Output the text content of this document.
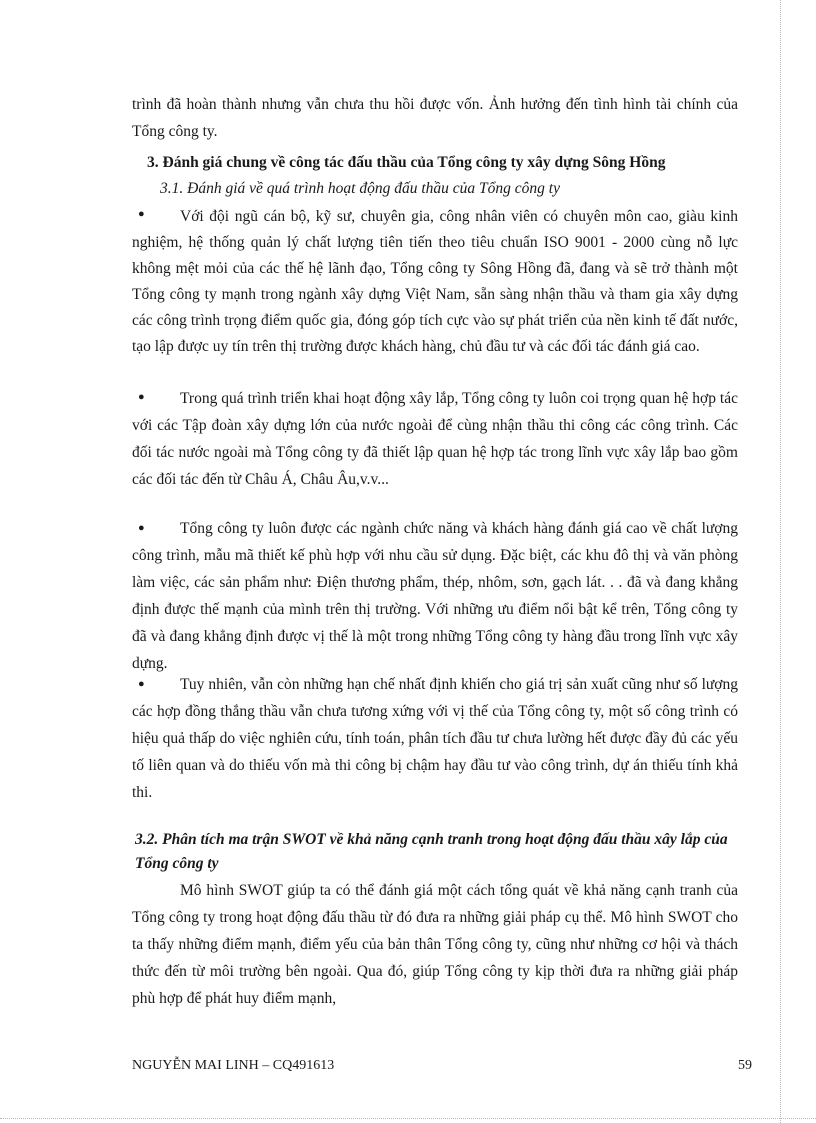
trình đã hoàn thành nhưng vẫn chưa thu hồi được vốn. Ảnh hưởng đến tình hình tài chính của Tổng công ty.
3. Đánh giá chung về công tác đấu thầu của Tổng công ty xây dựng Sông Hồng
3.1. Đánh giá về quá trình hoạt động đấu thầu của Tổng công ty
●	Với đội ngũ cán bộ, kỹ sư, chuyên gia, công nhân viên có chuyên môn cao, giàu kinh nghiệm, hệ thống quản lý chất lượng tiên tiến theo tiêu chuẩn ISO 9001 - 2000 cùng nỗ lực không mệt mỏi của các thế hệ lãnh đạo, Tổng công ty Sông Hồng đã, đang và sẽ trở thành một Tổng công ty mạnh trong ngành xây dựng Việt Nam, sẵn sàng nhận thầu và tham gia xây dựng các công trình trọng điểm quốc gia, đóng góp tích cực vào sự phát triển của nền kinh tế đất nước, tạo lập được uy tín trên thị trường được khách hàng, chủ đầu tư và các đối tác đánh giá cao.
●	Trong quá trình triển khai hoạt động xây lắp, Tổng công ty luôn coi trọng quan hệ hợp tác với các Tập đoàn xây dựng lớn của nước ngoài để cùng nhận thầu thi công các công trình. Các đối tác nước ngoài mà Tổng công ty đã thiết lập quan hệ hợp tác trong lĩnh vực xây lắp bao gồm các đối tác đến từ Châu Á, Châu Âu,v.v...
●	Tổng công ty luôn được các ngành chức năng và khách hàng đánh giá cao về chất lượng công trình, mẫu mã thiết kế phù hợp với nhu cầu sử dụng. Đặc biệt, các khu đô thị và văn phòng làm việc, các sản phẩm như: Điện thương phẩm, thép, nhôm, sơn, gạch lát. . . đã và đang khẳng định được thế mạnh của mình trên thị trường. Với những ưu điểm nổi bật kể trên, Tổng công ty đã và đang khẳng định được vị thế là một trong những Tổng công ty hàng đầu trong lĩnh vực xây dựng.
●	Tuy nhiên, vẫn còn những hạn chế nhất định khiến cho giá trị sản xuất cũng như số lượng các hợp đồng thắng thầu vẫn chưa tương xứng với vị thế của Tổng công ty, một số công trình có hiệu quả thấp do việc nghiên cứu, tính toán, phân tích đầu tư chưa lường hết được đầy đủ các yếu tố liên quan và do thiếu vốn mà thi công bị chậm hay đầu tư vào công trình, dự án thiếu tính khả thi.
3.2. Phân tích ma trận SWOT về khả năng cạnh tranh trong hoạt động đấu thầu xây lắp của Tổng công ty
Mô hình SWOT giúp ta có thể đánh giá một cách tổng quát về khả năng cạnh tranh của Tổng công ty trong hoạt động đấu thầu từ đó đưa ra những giải pháp cụ thể. Mô hình SWOT cho ta thấy những điểm mạnh, điểm yếu của bản thân Tổng công ty, cũng như những cơ hội và thách thức đến từ môi trường bên ngoài. Qua đó, giúp Tổng công ty kịp thời đưa ra những giải pháp phù hợp để phát huy điểm mạnh,
NGUYỄN MAI LINH – CQ491613	59
